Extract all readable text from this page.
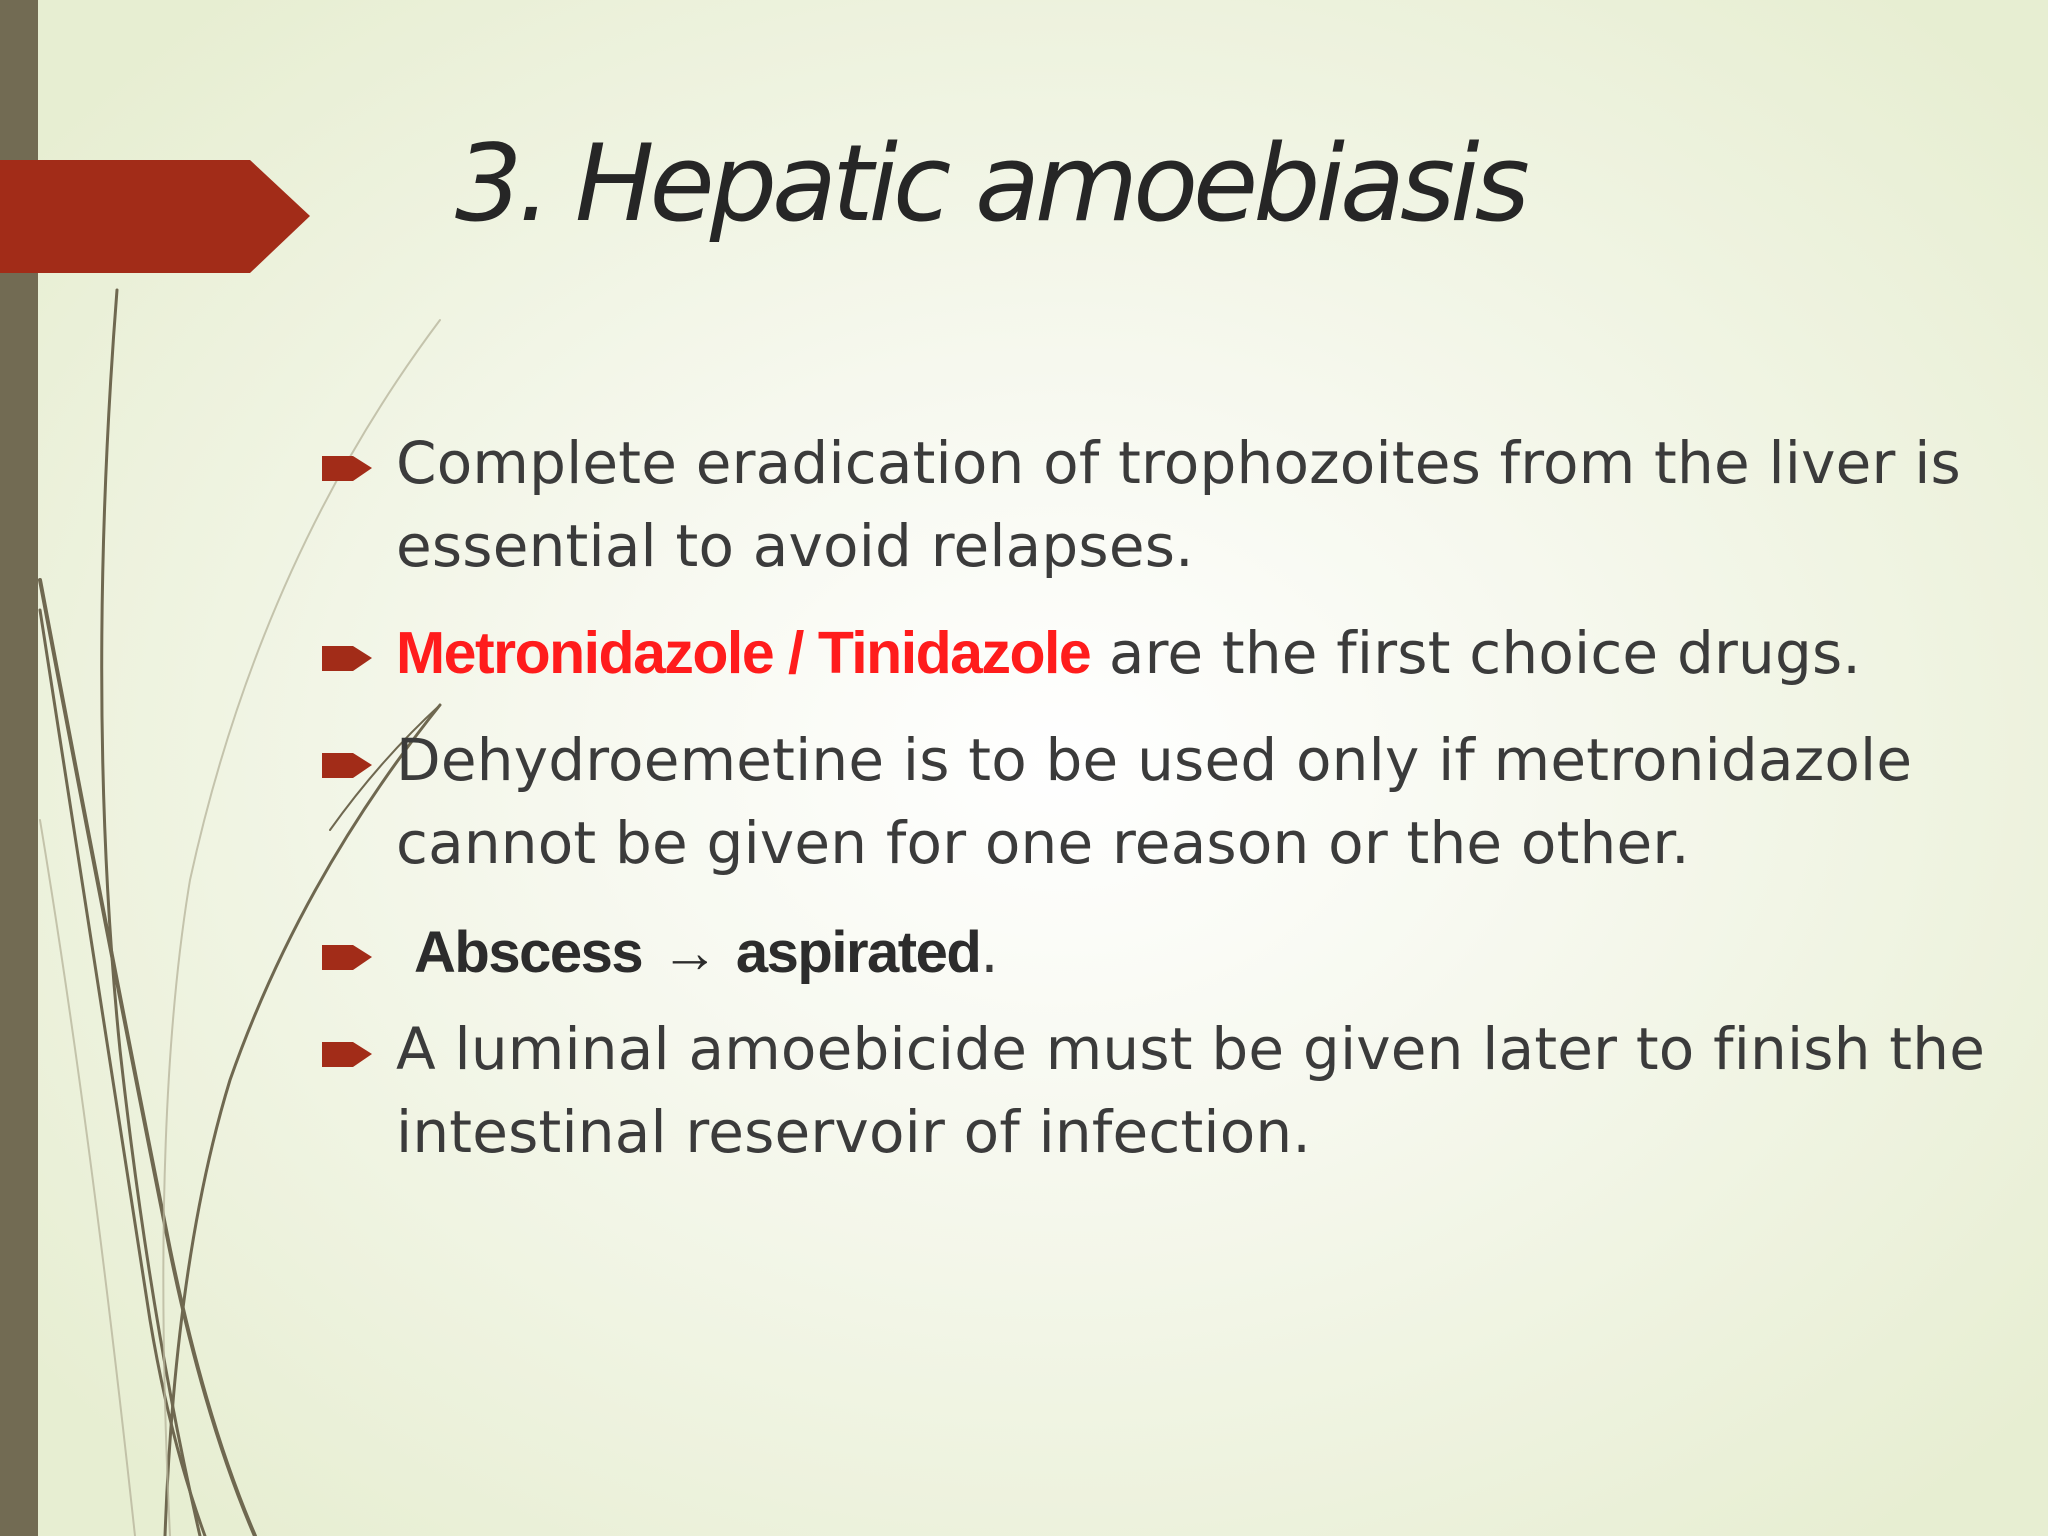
3. Hepatic amoebiasis
Complete eradication of trophozoites from the liver is essential to avoid relapses.
Metronidazole / Tinidazole are the first choice drugs.
Dehydroemetine is to be used only if metronidazole cannot be given for one reason or the other.
Abscess → aspirated.
A luminal amoebicide must be given later to finish the intestinal reservoir of infection.
